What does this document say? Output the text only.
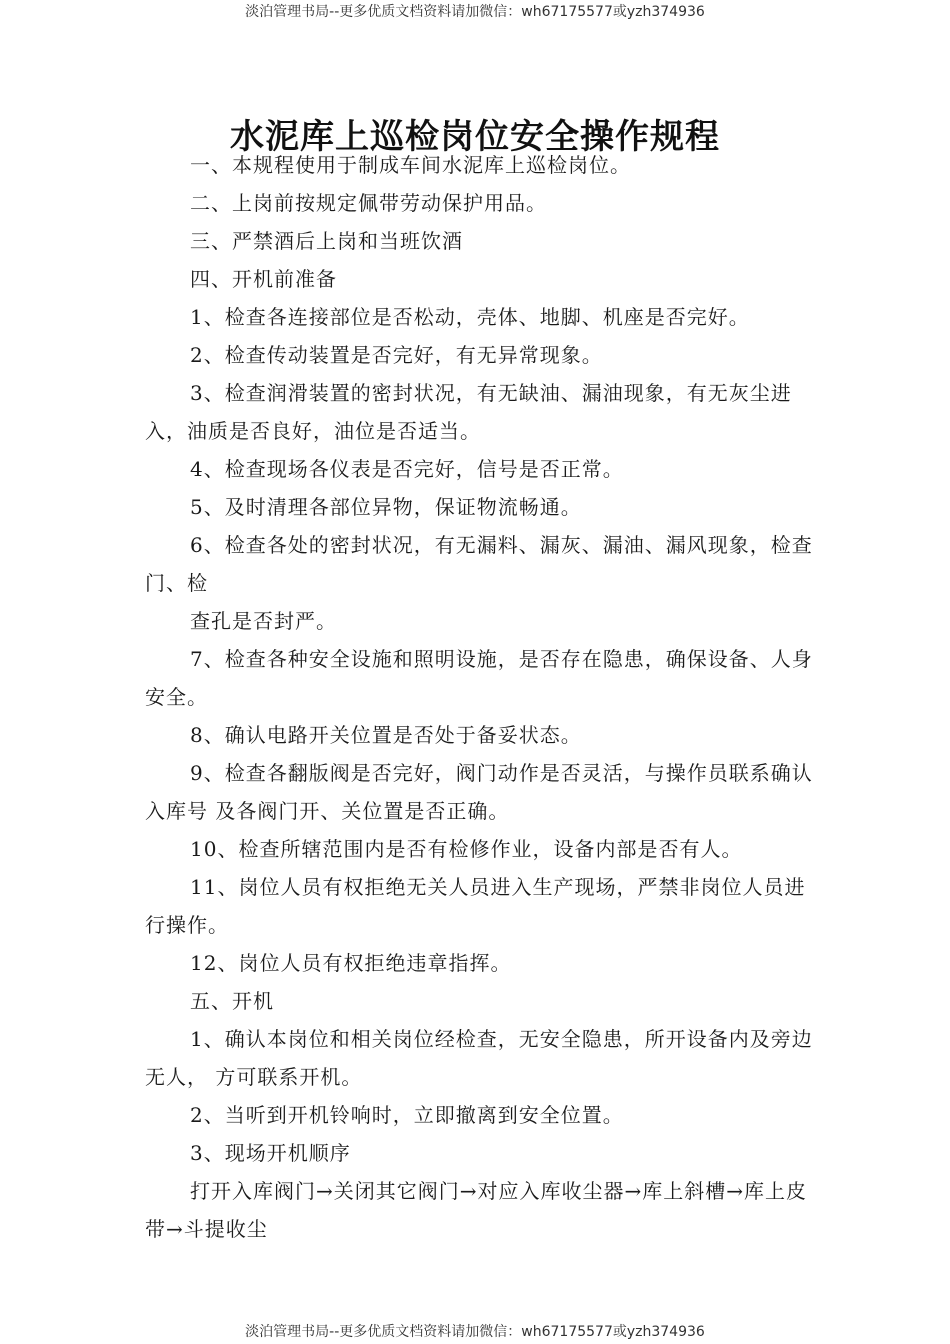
淡泊管理书局--更多优质文档资料请加微信：wh67175577或yzh374936
水泥库上巡检岗位安全操作规程

一、本规程使用于制成车间水泥库上巡检岗位。

二、上岗前按规定佩带劳动保护用品。

三、严禁酒后上岗和当班饮酒

四、开机前准备

1、检查各连接部位是否松动，壳体、地脚、机座是否完好。

2、检查传动装置是否完好，有无异常现象。

3、检查润滑装置的密封状况，有无缺油、漏油现象，有无灰尘进入，油质是否良好，油位是否适当。

4、检查现场各仪表是否完好，信号是否正常。

5、及时清理各部位异物，保证物流畅通。

6、检查各处的密封状况，有无漏料、漏灰、漏油、漏风现象，检查门、检

查孔是否封严。

7、检查各种安全设施和照明设施，是否存在隐患，确保设备、人身安全。

8、确认电路开关位置是否处于备妥状态。

9、检查各翻版阀是否完好，阀门动作是否灵活，与操作员联系确认入库号 及各阀门开、关位置是否正确。

10、检查所辖范围内是否有检修作业，设备内部是否有人。

11、岗位人员有权拒绝无关人员进入生产现场，严禁非岗位人员进行操作。

12、岗位人员有权拒绝违章指挥。

五、开机

1、确认本岗位和相关岗位经检查，无安全隐患，所开设备内及旁边无人， 方可联系开机。

2、当听到开机铃响时，立即撤离到安全位置。

3、现场开机顺序

打开入库阀门→关闭其它阀门→对应入库收尘器→库上斜槽→库上皮带→斗提收尘

淡泊管理书局--更多优质文档资料请加微信：wh67175577或yzh374936
